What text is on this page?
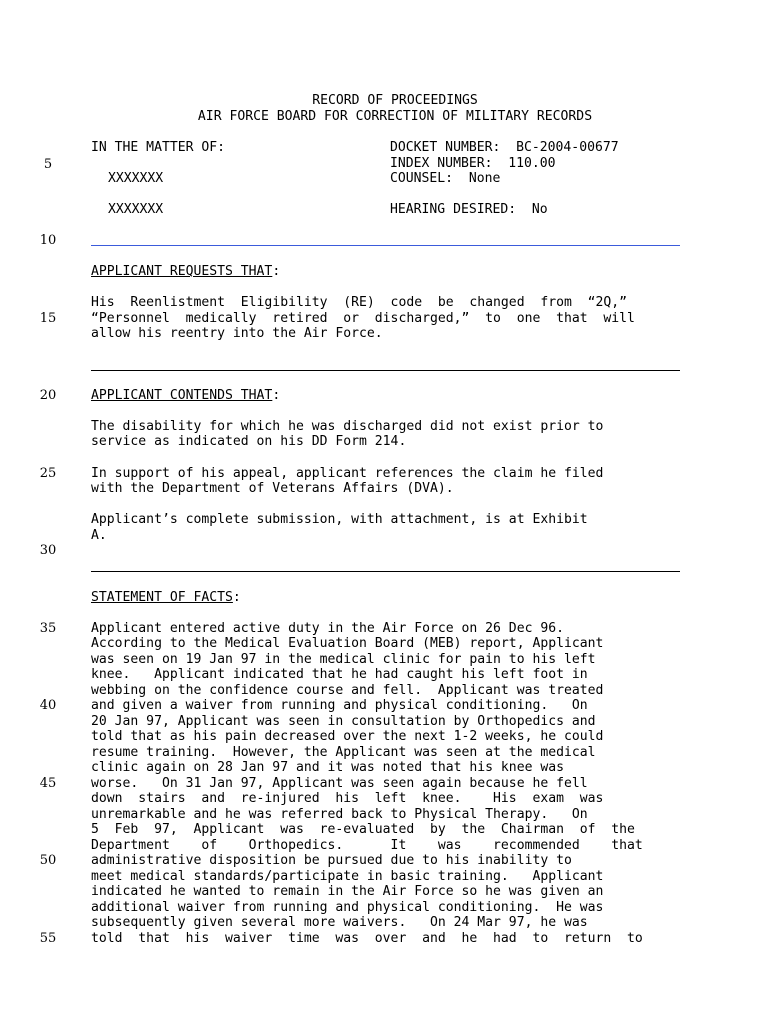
RECORD OF PROCEEDINGS
AIR FORCE BOARD FOR CORRECTION OF MILITARY RECORDS
IN THE MATTER OF:	DOCKET NUMBER:  BC-2004-00677
INDEX NUMBER:  110.00
XXXXXXX	COUNSEL:  None
XXXXXXX	HEARING DESIRED:  No
APPLICANT REQUESTS THAT:
His  Reenlistment  Eligibility  (RE)  code  be  changed  from  “2Q,”
“Personnel  medically  retired  or  discharged,”  to  one  that  will
allow his reentry into the Air Force.
APPLICANT CONTENDS THAT:
The disability for which he was discharged did not exist prior to
service as indicated on his DD Form 214.
In support of his appeal, applicant references the claim he filed
with the Department of Veterans Affairs (DVA).
Applicant’s complete submission, with attachment, is at Exhibit
A.
STATEMENT OF FACTS:
Applicant entered active duty in the Air Force on 26 Dec 96.
According to the Medical Evaluation Board (MEB) report, Applicant
was seen on 19 Jan 97 in the medical clinic for pain to his left
knee.   Applicant indicated that he had caught his left foot in
webbing on the confidence course and fell.  Applicant was treated
and given a waiver from running and physical conditioning.   On
20 Jan 97, Applicant was seen in consultation by Orthopedics and
told that as his pain decreased over the next 1-2 weeks, he could
resume training.  However, the Applicant was seen at the medical
clinic again on 28 Jan 97 and it was noted that his knee was
worse.   On 31 Jan 97, Applicant was seen again because he fell
down  stairs  and  re-injured  his  left  knee.    His  exam  was
unremarkable and he was referred back to Physical Therapy.   On
5  Feb  97,  Applicant  was  re-evaluated  by  the  Chairman  of  the
Department    of    Orthopedics.      It    was    recommended    that
administrative disposition be pursued due to his inability to
meet medical standards/participate in basic training.   Applicant
indicated he wanted to remain in the Air Force so he was given an
additional waiver from running and physical conditioning.  He was
subsequently given several more waivers.   On 24 Mar 97, he was
told  that  his  waiver  time  was  over  and  he  had  to  return  to
5
10
15
20
25
30
35
40
45
50
55
